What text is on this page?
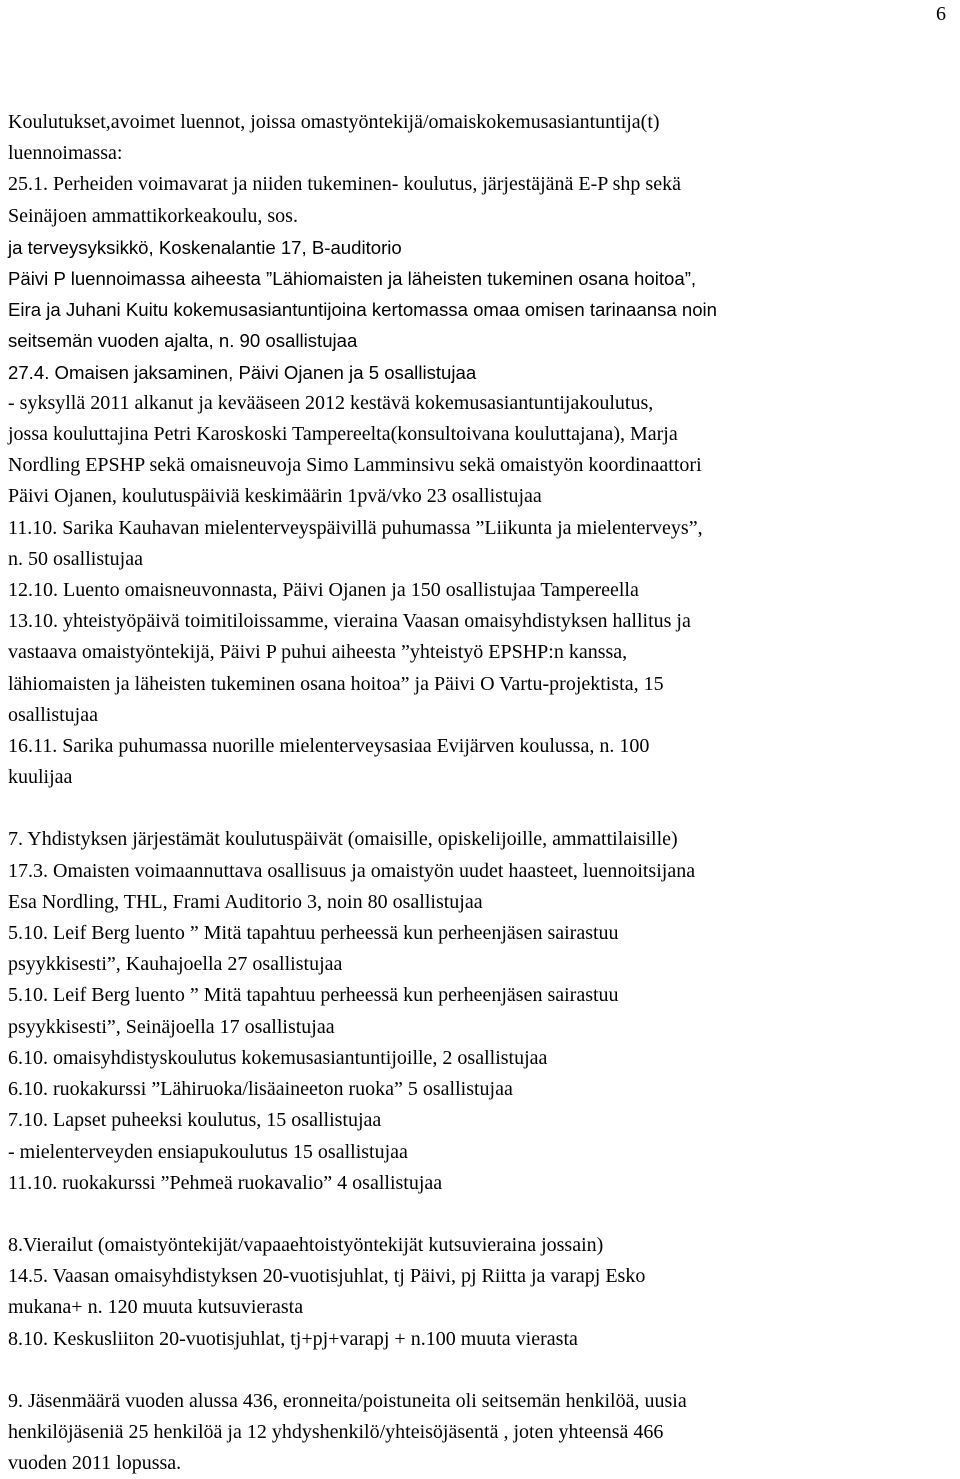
6
Koulutukset,avoimet luennot, joissa omastyöntekijä/omaiskokemusasiantuntija(t)
luennoimassa:
25.1. Perheiden voimavarat ja niiden tukeminen- koulutus, järjestäjänä E-P shp sekä
Seinäjoen ammattikorkeakoulu, sos.
ja terveysyksikkö, Koskenalantie 17, B-auditorio
Päivi P luennoimassa aiheesta ”Lähiomaisten ja läheisten tukeminen osana hoitoa”,
Eira ja Juhani Kuitu kokemusasiantuntijoina kertomassa omaa omisen tarinaansa noin
seitsemän vuoden ajalta, n. 90 osallistujaa
27.4. Omaisen jaksaminen, Päivi Ojanen ja 5 osallistujaa
- syksyllä 2011 alkanut ja kevääseen 2012 kestävä kokemusasiantuntijakoulutus,
jossa kouluttajina Petri Karoskoski Tampereelta(konsultoivana kouluttajana), Marja
Nordling EPSHP sekä omaisneuvoja Simo Lamminsivu sekä omaistyön koordinaattori
Päivi Ojanen, koulutuspäiviä keskimäärin 1pvä/vko 23 osallistujaa
11.10. Sarika Kauhavan mielenterveyspäivillä puhumassa ”Liikunta ja mielenterveys”,
n. 50 osallistujaa
12.10. Luento omaisneuvonnasta, Päivi Ojanen ja 150 osallistujaa Tampereella
13.10. yhteistyöpäivä toimitiloissamme, vieraina Vaasan omaisyhdistyksen hallitus ja
vastaava omaistyöntekijä, Päivi P puhui aiheesta ”yhteistyö EPSHP:n kanssa,
lähiomaisten ja läheisten tukeminen osana hoitoa” ja Päivi O Vartu-projektista, 15
osallistujaa
16.11. Sarika puhumassa nuorille mielenterveysasiaa Evijärven koulussa, n. 100
kuulijaa
7. Yhdistyksen järjestämät koulutuspäivät (omaisille, opiskelijoille, ammattilaisille)
17.3. Omaisten voimaannuttava osallisuus ja omaistyön uudet haasteet, luennoitsijana
Esa Nordling, THL, Frami Auditorio 3, noin 80 osallistujaa
5.10. Leif Berg luento ” Mitä tapahtuu perheessä kun perheenjäsen sairastuu
psyykkisesti”, Kauhajoella 27 osallistujaa
5.10. Leif Berg luento ” Mitä tapahtuu perheessä kun perheenjäsen sairastuu
psyykkisesti”, Seinäjoella 17 osallistujaa
6.10. omaisyhdistyskoulutus kokemusasiantuntijoille, 2 osallistujaa
6.10. ruokakurssi ”Lähiruoka/lisäaineeton ruoka” 5 osallistujaa
7.10. Lapset puheeksi koulutus, 15 osallistujaa
- mielenterveyden ensiapukoulutus 15 osallistujaa
11.10. ruokakurssi ”Pehmeä ruokavalio” 4 osallistujaa
8.Vierailut (omaistyöntekijät/vapaaehtoistyöntekijät kutsuvieraina jossain)
14.5. Vaasan omaisyhdistyksen 20-vuotisjuhlat, tj Päivi, pj Riitta ja varapj Esko
mukana+ n. 120 muuta kutsuvierasta
8.10. Keskusliiton 20-vuotisjuhlat, tj+pj+varapj + n.100 muuta vierasta
9. Jäsenmäärä vuoden alussa 436, eronneita/poistuneita oli seitsemän henkilöä, uusia
henkilöjäseniä 25 henkilöä ja 12 yhdyshenkilö/yhteisöjäsentä , joten yhteensä 466
vuoden 2011 lopussa.
